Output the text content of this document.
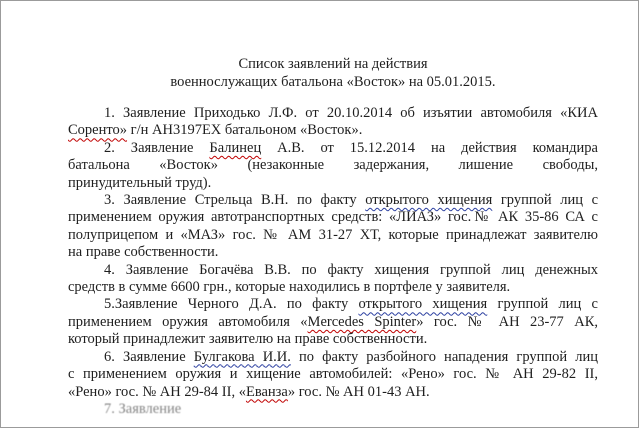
Список заявлений на действия
военнослужащих батальона «Восток» на 05.01.2015.
1. Заявление Приходько Л.Ф. от 20.10.2014 об изъятии автомобиля «КИА
Соренто» г/н АН3197ЕХ батальоном «Восток».
2. Заявление Балинец А.В. от 15.12.2014 на действия командира
батальона «Восток» (незаконные задержания, лишение свободы,
принудительный труд).
3. Заявление Стрельца В.Н. по факту открытого хищения группой лиц с
применением оружия автотранспортных средств: «ЛИАЗ» гос.№ АК 35-86 СА с
полуприцепом и «МАЗ» гос. № АМ 31-27 ХТ, которые принадлежат заявителю
на праве собственности.
4. Заявление Богачёва В.В. по факту хищения группой лиц денежных
средств в сумме 6600 грн., которые находились в портфеле у заявителя.
5.Заявление Черного Д.А. по факту открытого хищения группой лиц с
применением оружия автомобиля «Mercedes Spinter» гос. № АН 23-77 АК,
который принадлежит заявителю на праве собственности.
6. Заявление Булгакова И.И. по факту разбойного нападения группой лиц
с применением оружия и хищение автомобилей: «Рено» гос. № АН 29-82 II,
«Рено» гос. № АН 29-84 II, «Еванза» гос. № АН 01-43 АН.
7. Заявление
